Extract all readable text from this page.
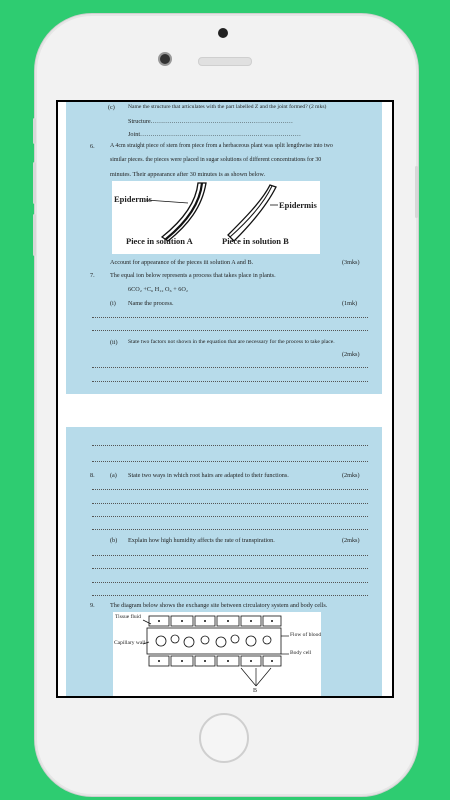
(c) Name the structure that articulates with the part labelled Z and the joint formed? (2 mks)
Structure……………………………………………………………
Joint……………………………………………………………………
6.	A 4cm straight piece of stem from piece from a herbaceous plant was split lengthwise into two
similar pieces. the pieces were placed in sugar solutions of different concentrations for 30
minutes. Their appearance after 30 minutes is as shown below.
Epidermis
Epidermis
Piece in solution A	Piece in solution B
Account for appearance of the pieces iii solution A and B.	(3mks)
7. The equal ion below represents a process that takes place in plants.
6CO₂ +C₆ H₁₂ O₆ + 6O₂
(i) Name the process.	(1mk)
(ii) State two factors not shown in the equation that are necessary for the process to take place.
(2mks)
8. (a) State two ways in which root hairs are adapted to their functions.	(2mks)
(b) Explain how high humidity affects the rate of transpiration.	(2mks)
9. The diagram below shows the exchange site between circulatory system and body cells.
Tissue fluid
Capillary wall
Flow of blood
Body cell
B
